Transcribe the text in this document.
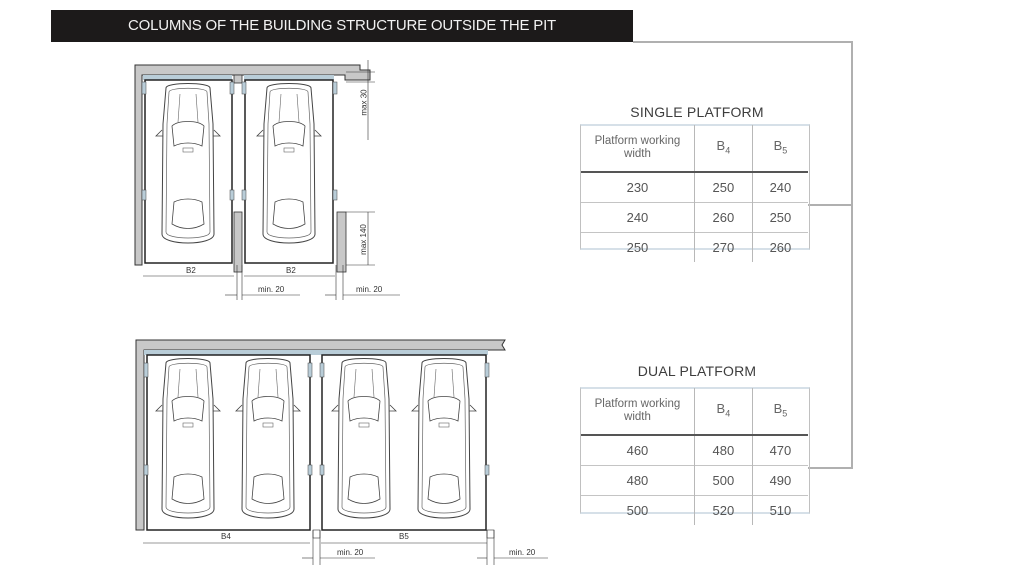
COLUMNS OF THE BUILDING STRUCTURE OUTSIDE THE PIT
B2	B2
min. 20	min. 20
max 30
max 140
B4	B5
min. 20	min. 20
SINGLE PLATFORM
Platform working width	$B_4$	$B_5$
230	250	240
240	260	250
250	270	260
DUAL PLATFORM
Platform working width	$B_4$	$B_5$
460	480	470
480	500	490
500	520	510
